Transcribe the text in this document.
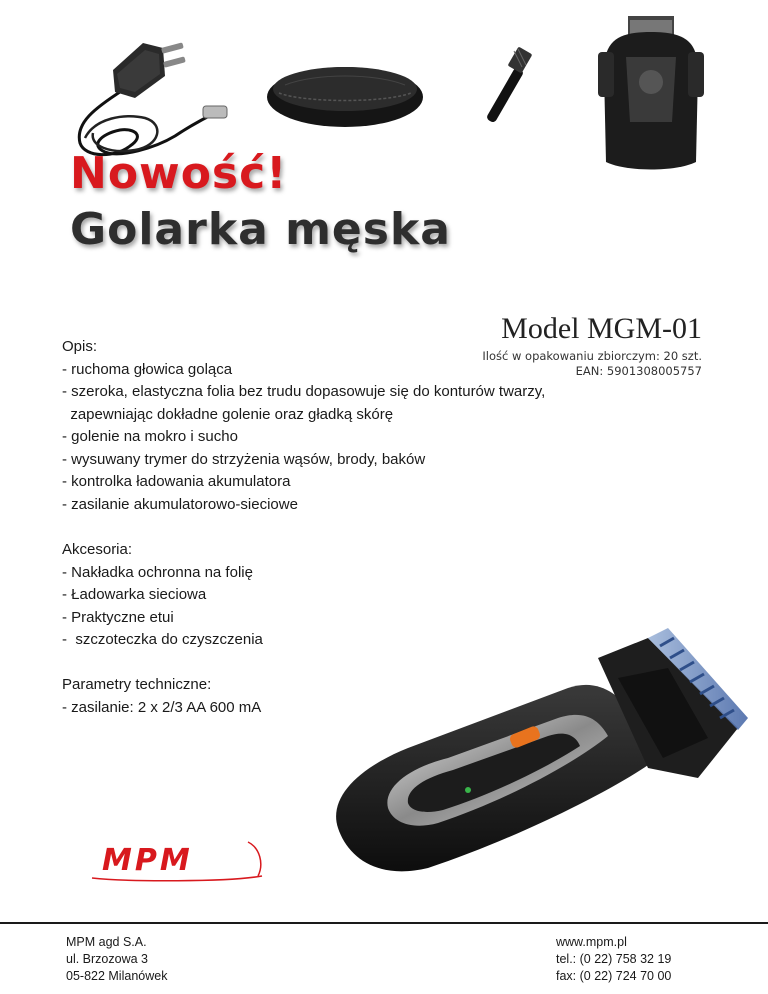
Nowość!
Golarka męska
Model MGM-01
Ilość w opakowaniu zbiorczym: 20 szt.
EAN: 5901308005757
Opis:
- ruchoma głowica goląca
- szeroka, elastyczna folia bez trudu dopasowuje się do konturów twarzy,
zapewniając dokładne golenie oraz gładką skórę
- golenie na mokro i sucho
- wysuwany trymer do strzyżenia wąsów, brody, baków
- kontrolka ładowania akumulatora
- zasilanie akumulatorowo-sieciowe
Akcesoria:
- Nakładka ochronna na folię
- Ładowarka sieciowa
- Praktyczne etui
-  szczoteczka do czyszczenia
Parametry techniczne:
- zasilanie: 2 x 2/3 AA 600 mA
MPM
MPM agd S.A.
ul. Brzozowa 3
05-822 Milanówek
www.mpm.pl
tel.: (0 22) 758 32 19
fax: (0 22) 724 70 00
